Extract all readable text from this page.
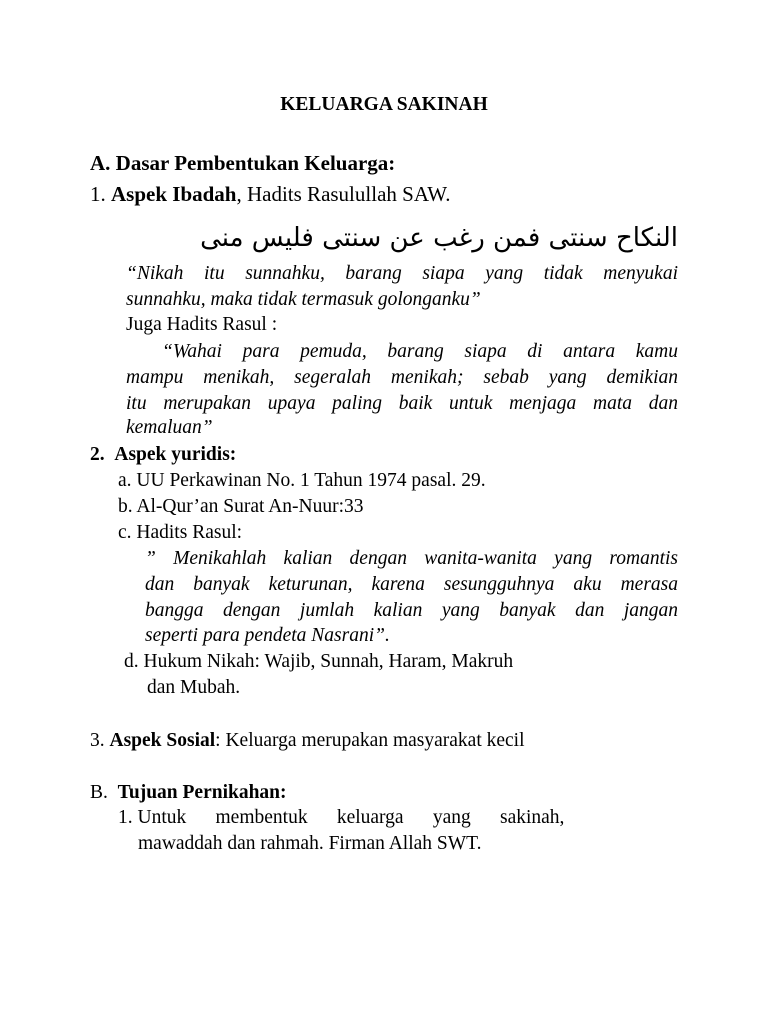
KELUARGA SAKINAH
A. Dasar Pembentukan Keluarga:
1. Aspek Ibadah, Hadits Rasulullah SAW.
النكاح سنتى فمن رغب عن سنتى فليس منى
“Nikah itu sunnahku, barang siapa yang tidak menyukai
sunnahku, maka tidak termasuk golonganku”
Juga Hadits Rasul :
“Wahai para pemuda, barang siapa di antara kamu
mampu menikah, segeralah menikah; sebab yang demikian
itu merupakan upaya paling baik untuk menjaga mata dan
kemaluan”
2. Aspek yuridis:
a. UU Perkawinan No. 1 Tahun 1974 pasal. 29.
b. Al-Qur’an Surat An-Nuur:33
c. Hadits Rasul:
” Menikahlah kalian dengan wanita-wanita yang romantis
dan banyak keturunan, karena sesungguhnya aku merasa
bangga dengan jumlah kalian yang banyak dan jangan
seperti para pendeta Nasrani”.
d. Hukum Nikah: Wajib, Sunnah, Haram, Makruh
dan Mubah.
3. Aspek Sosial: Keluarga merupakan masyarakat kecil
B. Tujuan Pernikahan:
1. Untuk      membentuk      keluarga      yang      sakinah,
mawaddah dan rahmah. Firman Allah SWT.
